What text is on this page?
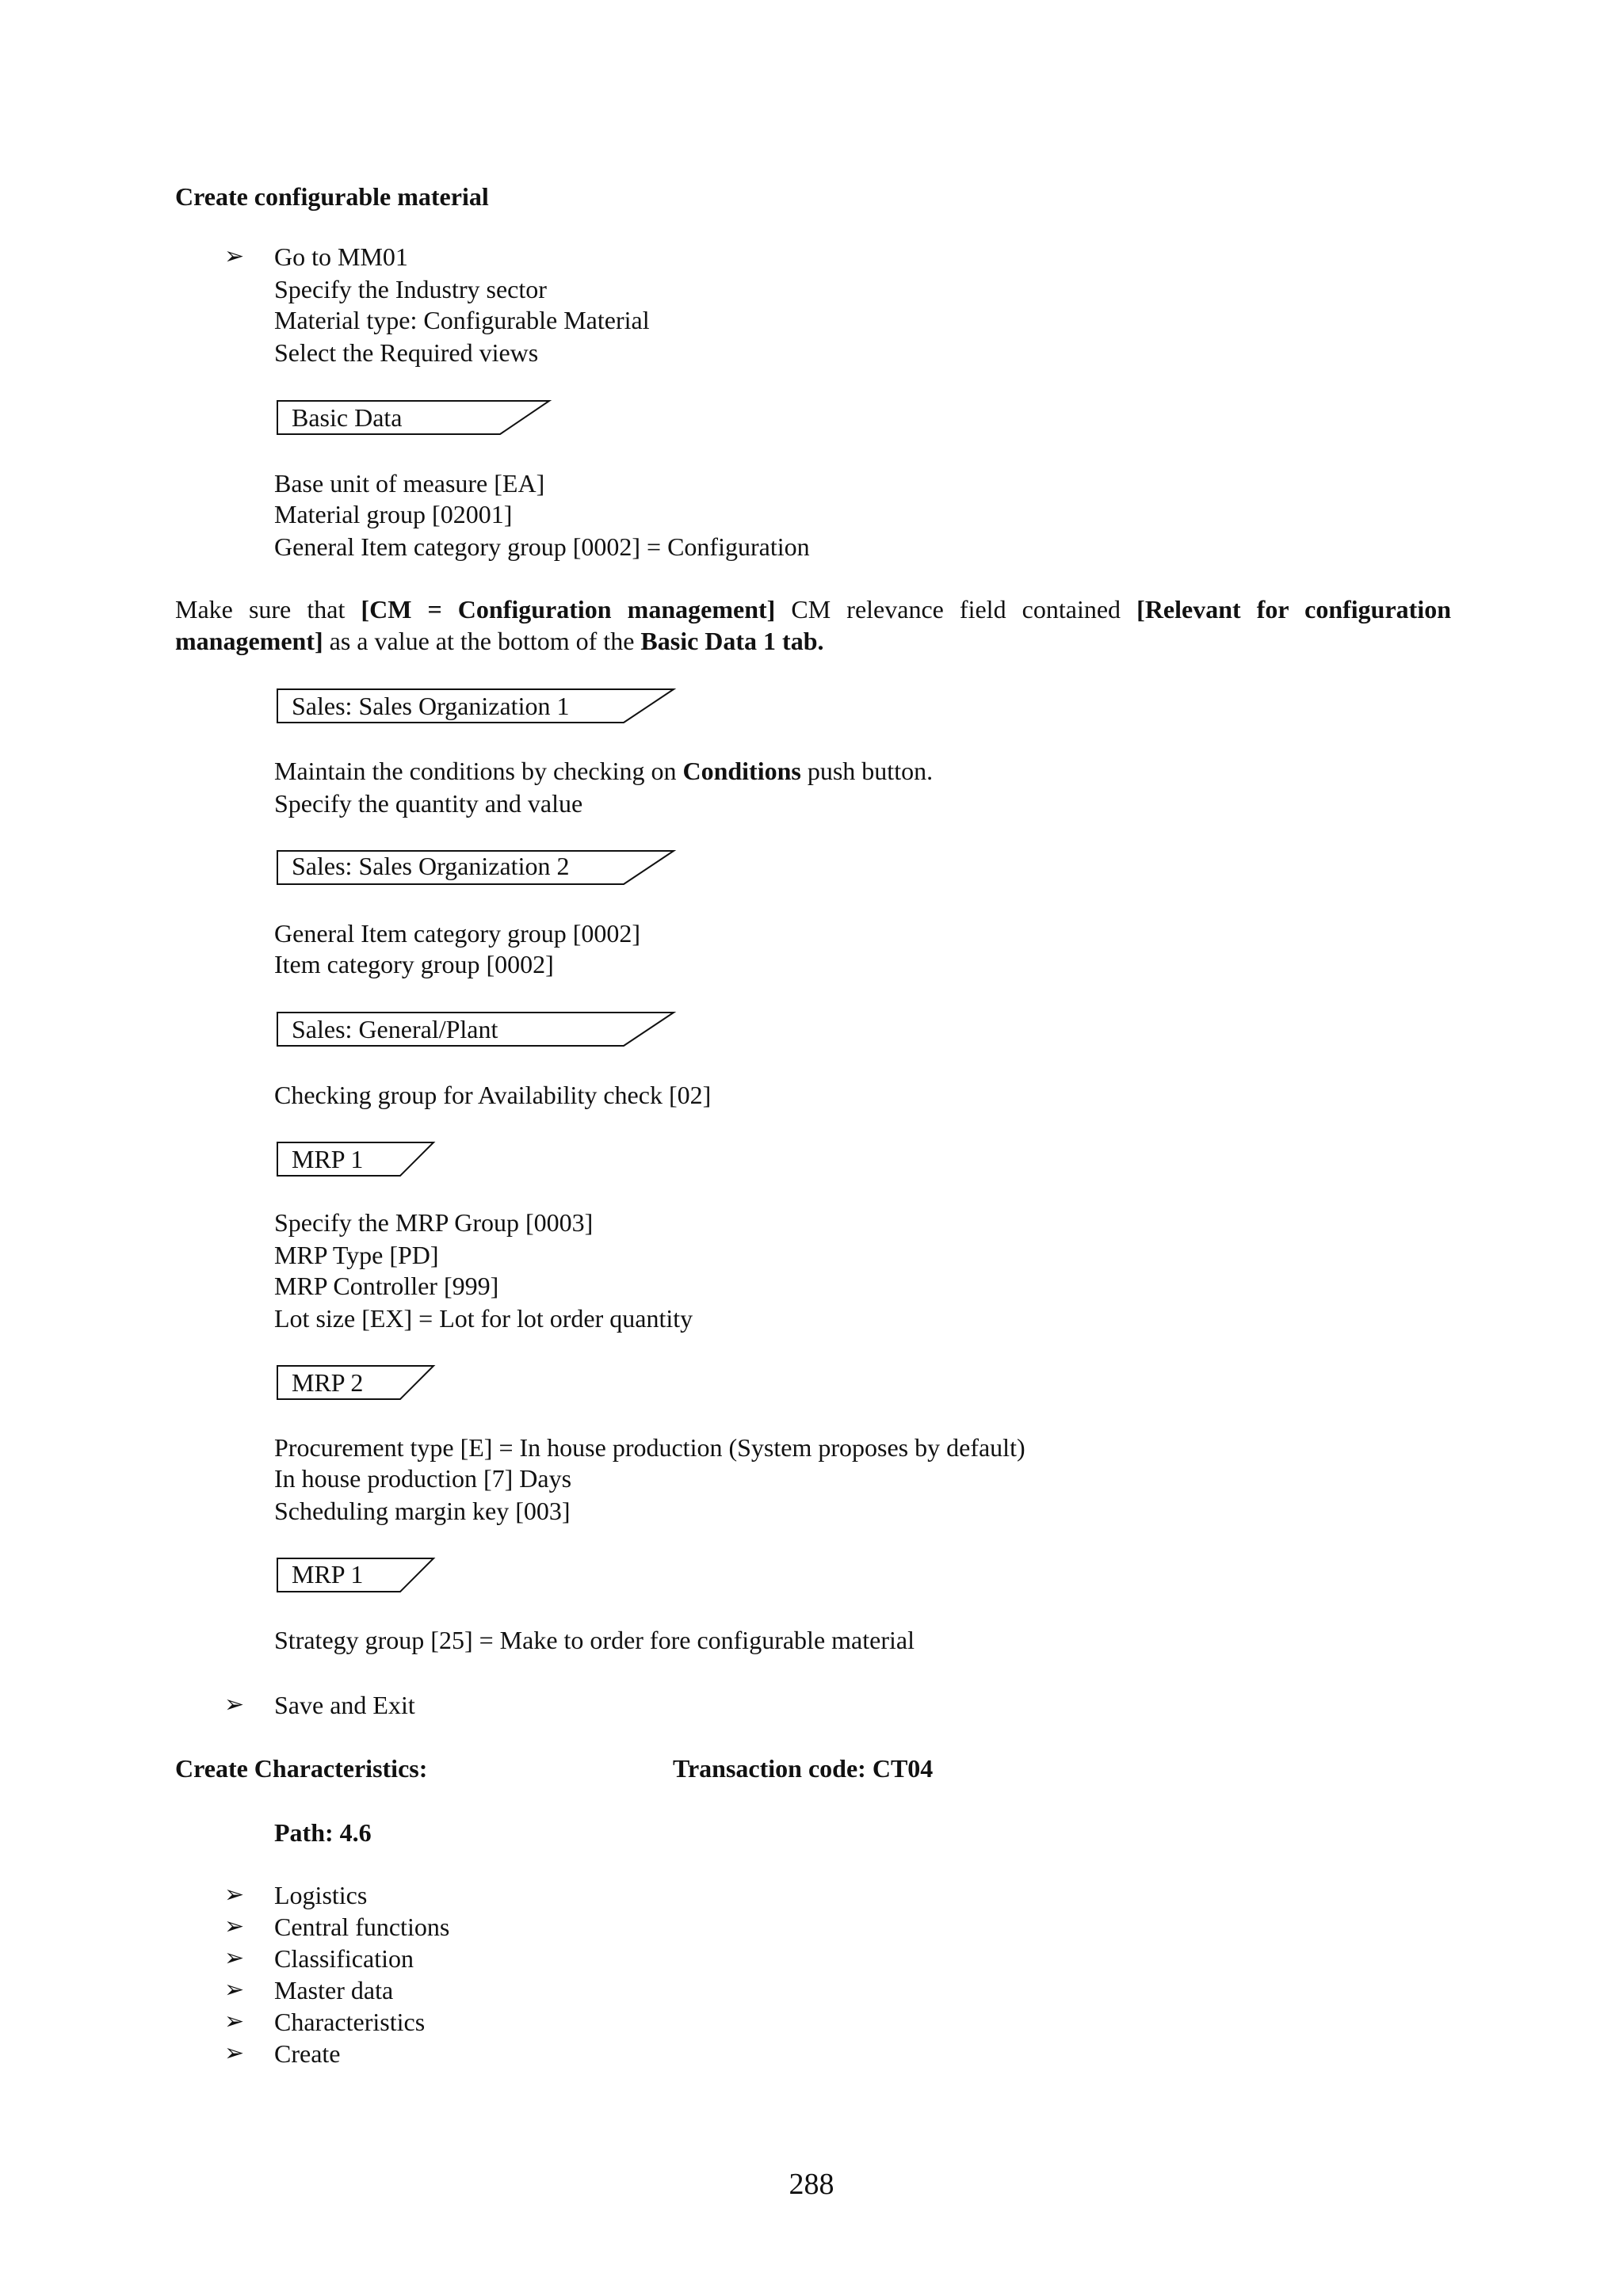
Create configurable material
➢ Go to MM01
Specify the Industry sector
Material type: Configurable Material
Select the Required views
Basic Data
Base unit of measure [EA]
Material group [02001]
General Item category group [0002] = Configuration
Make sure that [CM = Configuration management] CM relevance field contained [Relevant for configuration management] as a value at the bottom of the Basic Data 1 tab.
Sales: Sales Organization 1
Maintain the conditions by checking on Conditions push button.
Specify the quantity and value
Sales: Sales Organization 2
General Item category group [0002]
Item category group [0002]
Sales: General/Plant
Checking group for Availability check [02]
MRP 1
Specify the MRP Group [0003]
MRP Type [PD]
MRP Controller [999]
Lot size [EX] = Lot for lot order quantity
MRP 2
Procurement type [E] = In house production (System proposes by default)
In house production [7] Days
Scheduling margin key [003]
MRP 1
Strategy group [25] = Make to order fore configurable material
➢ Save and Exit
Create Characteristics:	Transaction code: CT04
Path: 4.6
➢ Logistics
➢ Central functions
➢ Classification
➢ Master data
➢ Characteristics
➢ Create
288
